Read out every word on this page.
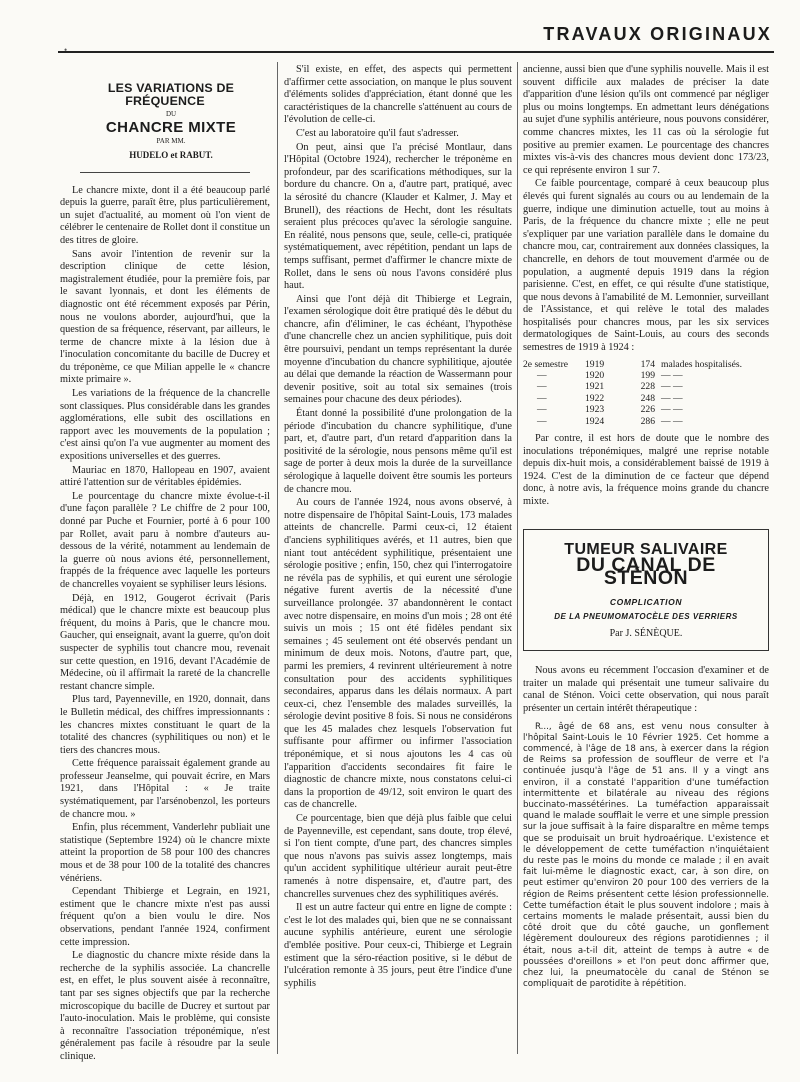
•
TRAVAUX ORIGINAUX

LES VARIATIONS DE FRÉQUENCE

DU

CHANCRE MIXTE

PAR MM.

HUDELO et RABUT.

Le chancre mixte, dont il a été beaucoup parlé depuis la guerre, paraît être, plus particulièrement, un sujet d'actualité, au moment où l'on vient de célébrer le centenaire de Rollet dont il constitue un des titres de gloire.

Sans avoir l'intention de revenir sur la description clinique de cette lésion, magistralement étudiée, pour la première fois, par le savant lyonnais, et dont les éléments de diagnostic ont été récemment exposés par Périn, nous ne voulons aborder, aujourd'hui, que la question de sa fréquence, réservant, par ailleurs, le terme de chancre mixte à la lésion due à l'inoculation concomitante du bacille de Ducrey et du tréponème, ce que Milian appelle le « chancre mixte primaire ».

Les variations de la fréquence de la chancrelle sont classiques. Plus considérable dans les grandes agglomérations, elle subit des oscillations en rapport avec les mouvements de la population ; c'est ainsi qu'on l'a vue augmenter au moment des expositions universelles et des guerres.

Mauriac en 1870, Hallopeau en 1907, avaient attiré l'attention sur de véritables épidémies.

Le pourcentage du chancre mixte évolue-t-il d'une façon parallèle ? Le chiffre de 2 pour 100, donné par Puche et Fournier, porté à 6 pour 100 par Rollet, avait paru à nombre d'auteurs au-dessous de la vérité, notamment au lendemain de la guerre où nous avions été, personnellement, frappés de la fréquence avec laquelle les porteurs de chancrelles voyaient se syphiliser leurs lésions.

Déjà, en 1912, Gougerot écrivait (Paris médical) que le chancre mixte est beaucoup plus fréquent, du moins à Paris, que le chancre mou. Gaucher, qui enseignait, avant la guerre, qu'on doit suspecter de syphilis tout chancre mou, revenait sur cette question, en 1916, devant l'Académie de Médecine, où il affirmait la rareté de la chancrelle restant chancre simple.

Plus tard, Payenneville, en 1920, donnait, dans le Bulletin médical, des chiffres impressionnants : les chancres mixtes constituant le quart de la totalité des chancres (syphilitiques ou non) et le tiers des chancres mous.

Cette fréquence paraissait également grande au professeur Jeanselme, qui pouvait écrire, en Mars 1921, dans l'Hôpital : « Je traite systématiquement, par l'arsénobenzol, les porteurs de chancre mou. »

Enfin, plus récemment, Vanderlehr publiait une statistique (Septembre 1924) où le chancre mixte atteint la proportion de 58 pour 100 des chancres mous et de 38 pour 100 de la totalité des chancres vénériens.

Cependant Thibierge et Legrain, en 1921, estiment que le chancre mixte n'est pas aussi fréquent qu'on a bien voulu le dire. Nos observations, pendant l'année 1924, confirment cette impression.

Le diagnostic du chancre mixte réside dans la recherche de la syphilis associée. La chancrelle est, en effet, le plus souvent aisée à reconnaître, tant par ses signes objectifs que par la recherche microscopique du bacille de Ducrey et surtout par l'auto-inoculation. Mais le problème, qui consiste à reconnaître l'association tréponémique, n'est généralement pas facile à résoudre par la seule clinique.

S'il existe, en effet, des aspects qui permettent d'affirmer cette association, on manque le plus souvent d'éléments solides d'appréciation, étant donné que les caractéristiques de la chancrelle s'atténuent au cours de l'évolution de celle-ci.

C'est au laboratoire qu'il faut s'adresser.

On peut, ainsi que l'a précisé Montlaur, dans l'Hôpital (Octobre 1924), rechercher le tréponème en profondeur, par des scarifications méthodiques, sur la bordure du chancre. On a, d'autre part, pratiqué, avec la sérosité du chancre (Klauder et Kalmer, J. May et Brunell), des réactions de Hecht, dont les résultats seraient plus précoces qu'avec la sérologie sanguine. En réalité, nous pensons que, seule, celle-ci, pratiquée systématiquement, avec répétition, pendant un laps de temps suffisant, permet d'affirmer le chancre mixte de Rollet, dans le sens où nous l'avons considéré plus haut.

Ainsi que l'ont déjà dit Thibierge et Legrain, l'examen sérologique doit être pratiqué dès le début du chancre, afin d'éliminer, le cas échéant, l'hypothèse d'une chancrelle chez un ancien syphilitique, puis doit être poursuivi, pendant un temps représentant la durée moyenne d'incubation du chancre syphilitique, ajoutée au délai que demande la réaction de Wassermann pour devenir positive, soit au total six semaines (trois semaines pour chacune des deux périodes).

Étant donné la possibilité d'une prolongation de la période d'incubation du chancre syphilitique, d'une part, et, d'autre part, d'un retard d'apparition dans la positivité de la sérologie, nous pensons même qu'il est sage de porter à deux mois la durée de la surveillance sérologique à laquelle doivent être soumis les porteurs de chancre mou.

Au cours de l'année 1924, nous avons observé, à notre dispensaire de l'hôpital Saint-Louis, 173 malades atteints de chancrelle. Parmi ceux-ci, 12 étaient d'anciens syphilitiques avérés, et 11 autres, bien que niant tout antécédent syphilitique, présentaient une sérologie positive ; enfin, 150, chez qui l'interrogatoire ne révéla pas de syphilis, et qui eurent une sérologie négative furent avertis de la nécessité d'une surveillance prolongée. 37 abandonnèrent le contact avec notre dispensaire, en moins d'un mois ; 28 ont été suivis un mois ; 15 ont été fidèles pendant six semaines ; 45 seulement ont été observés pendant un minimum de deux mois. Notons, d'autre part, que, parmi les premiers, 4 revinrent ultérieurement à notre consultation pour des accidents syphilitiques secondaires, apparus dans les délais normaux. A part ceux-ci, chez l'ensemble des malades surveillés, la sérologie devint positive 8 fois. Si nous ne considérons que les 45 malades chez lesquels l'observation fut suffisante pour affirmer ou infirmer l'association tréponémique, et si nous ajoutons les 4 cas où l'apparition d'accidents secondaires fit faire le diagnostic de chancre mixte, nous constatons celui-ci dans la proportion de 49/12, soit environ le quart des cas de chancrelle.

Ce pourcentage, bien que déjà plus faible que celui de Payenneville, est cependant, sans doute, trop élevé, si l'on tient compte, d'une part, des chancres simples que nous n'avons pas suivis assez longtemps, mais qu'un accident syphilitique ultérieur aurait peut-être ramenés à notre dispensaire, et, d'autre part, des chancrelles survenues chez des syphilitiques avérés.

Il est un autre facteur qui entre en ligne de compte : c'est le lot des malades qui, bien que ne se connaissant aucune syphilis antérieure, eurent une sérologie d'emblée positive. Pour ceux-ci, Thibierge et Legrain estiment que la séro-réaction positive, si le début de l'ulcération remonte à 35 jours, peut être l'indice d'une syphilis

ancienne, aussi bien que d'une syphilis nouvelle. Mais il est souvent difficile aux malades de préciser la date d'apparition d'une lésion qu'ils ont commencé par négliger plus ou moins longtemps. En admettant leurs dénégations au sujet d'une syphilis antérieure, nous pouvons considérer, comme chancres mixtes, les 11 cas où la sérologie fut positive au premier examen. Le pourcentage des chancres mixtes vis-à-vis des chancres mous devient donc 173/23, ce qui représente environ 1 sur 7.

Ce faible pourcentage, comparé à ceux beaucoup plus élevés qui furent signalés au cours ou au lendemain de la guerre, indique une diminution actuelle, tout au moins à Paris, de la fréquence du chancre mixte ; elle ne peut s'expliquer par une variation parallèle dans le domaine du chancre mou, car, contrairement aux données classiques, la chancrelle, en dehors de tout mouvement d'armée ou de population, a augmenté depuis 1919 dans la région parisienne. C'est, en effet, ce qui résulte d'une statistique, que nous devons à l'amabilité de M. Lemonnier, surveillant de l'Assistance, et qui relève le total des malades hospitalisés pour chancres mous, par les six services dermatologiques de Saint-Louis, au cours des seconds semestres de 1919 à 1924 :

2e semestre	1919	174	malades hospitalisés.
—	1920	199	— —
—	1921	228	— —
—	1922	248	— —
—	1923	226	— —
—	1924	286	— —

Par contre, il est hors de doute que le nombre des inoculations tréponémiques, malgré une reprise notable depuis dix-huit mois, a considérablement baissé de 1919 à 1924. C'est de la diminution de ce facteur que dépend donc, à notre avis, la fréquence moins grande du chancre mixte.

TUMEUR SALIVAIRE
DU CANAL DE STÉNON
COMPLICATION
DE LA PNEUMOMATOCÈLE DES VERRIERS
Par J. SÉNÈQUE.

Nous avons eu récemment l'occasion d'examiner et de traiter un malade qui présentait une tumeur salivaire du canal de Sténon. Voici cette observation, qui nous paraît présenter un certain intérêt thérapeutique :

R..., âgé de 68 ans, est venu nous consulter à l'hôpital Saint-Louis le 10 Février 1925. Cet homme a commencé, à l'âge de 18 ans, à exercer dans la région de Reims sa profession de souffleur de verre et l'a continuée jusqu'à l'âge de 51 ans. Il y a vingt ans environ, il a constaté l'apparition d'une tuméfaction intermittente et bilatérale au niveau des régions buccinato-massétérines. La tuméfaction apparaissait quand le malade soufflait le verre et une simple pression sur la joue suffisait à la faire disparaître en même temps que se produisait un bruit hydroaérique. L'existence et le développement de cette tuméfaction n'inquiétaient du reste pas le moins du monde ce malade ; il en avait fait lui-même le diagnostic exact, car, à son dire, on peut estimer qu'environ 20 pour 100 des verriers de la région de Reims présentent cette lésion professionnelle. Cette tuméfaction était le plus souvent indolore ; mais à certains moments le malade présentait, aussi bien du côté droit que du côté gauche, un gonflement légèrement douloureux des régions parotidiennes ; il était, nous a-t-il dit, atteint de temps à autre « de poussées d'oreillons » et l'on peut donc affirmer que, chez lui, la pneumatocèle du canal de Sténon se compliquait de parotidite à répétition.
